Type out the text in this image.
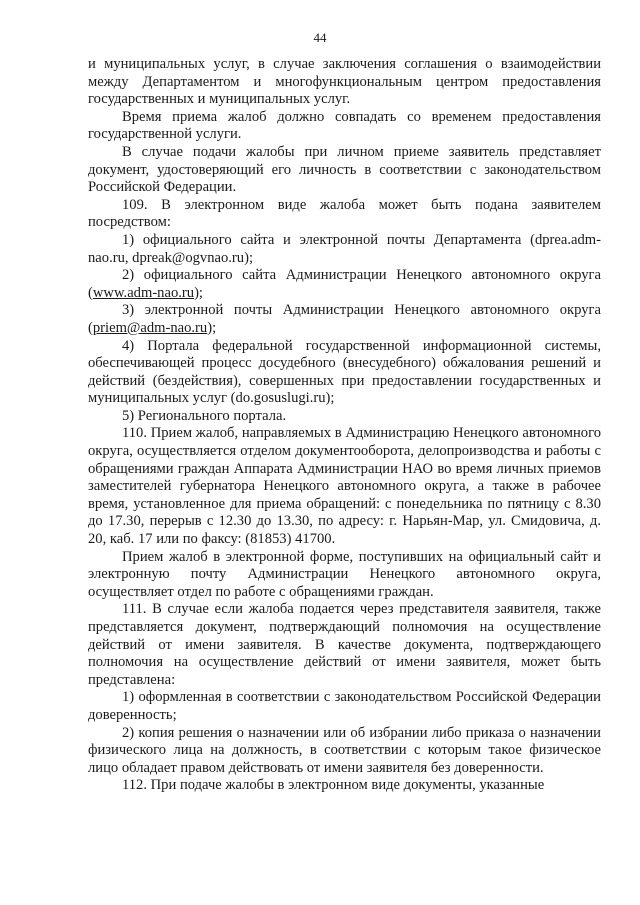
44

и муниципальных услуг, в случае заключения соглашения о взаимодействии между Департаментом и многофункциональным центром предоставления государственных и муниципальных услуг.

Время приема жалоб должно совпадать со временем предоставления государственной услуги.

В случае подачи жалобы при личном приеме заявитель представляет документ, удостоверяющий его личность в соответствии с законодательством Российской Федерации.

109. В электронном виде жалоба может быть подана заявителем посредством:

1) официального сайта и электронной почты Департамента (dprea.adm-nao.ru, dpreak@ogvnao.ru);

2) официального сайта Администрации Ненецкого автономного округа (www.adm-nao.ru);

3) электронной почты Администрации Ненецкого автономного округа (priem@adm-nao.ru);

4) Портала федеральной государственной информационной системы, обеспечивающей процесс досудебного (внесудебного) обжалования решений и действий (бездействия), совершенных при предоставлении государственных и муниципальных услуг (do.gosuslugi.ru);

5) Регионального портала.

110. Прием жалоб, направляемых в Администрацию Ненецкого автономного округа, осуществляется отделом документооборота, делопроизводства и работы с обращениями граждан Аппарата Администрации НАО во время личных приемов заместителей губернатора Ненецкого автономного округа, а также в рабочее время, установленное для приема обращений: с понедельника по пятницу с 8.30 до 17.30, перерыв с 12.30 до 13.30, по адресу: г. Нарьян-Мар, ул. Смидовича, д. 20, каб. 17 или по факсу: (81853) 41700.

Прием жалоб в электронной форме, поступивших на официальный сайт и электронную почту Администрации Ненецкого автономного округа, осуществляет отдел по работе с обращениями граждан.

111. В случае если жалоба подается через представителя заявителя, также представляется документ, подтверждающий полномочия на осуществление действий от имени заявителя. В качестве документа, подтверждающего полномочия на осуществление действий от имени заявителя, может быть представлена:

1) оформленная в соответствии с законодательством Российской Федерации доверенность;

2) копия решения о назначении или об избрании либо приказа о назначении физического лица на должность, в соответствии с которым такое физическое лицо обладает правом действовать от имени заявителя без доверенности.

112. При подаче жалобы в электронном виде документы, указанные
